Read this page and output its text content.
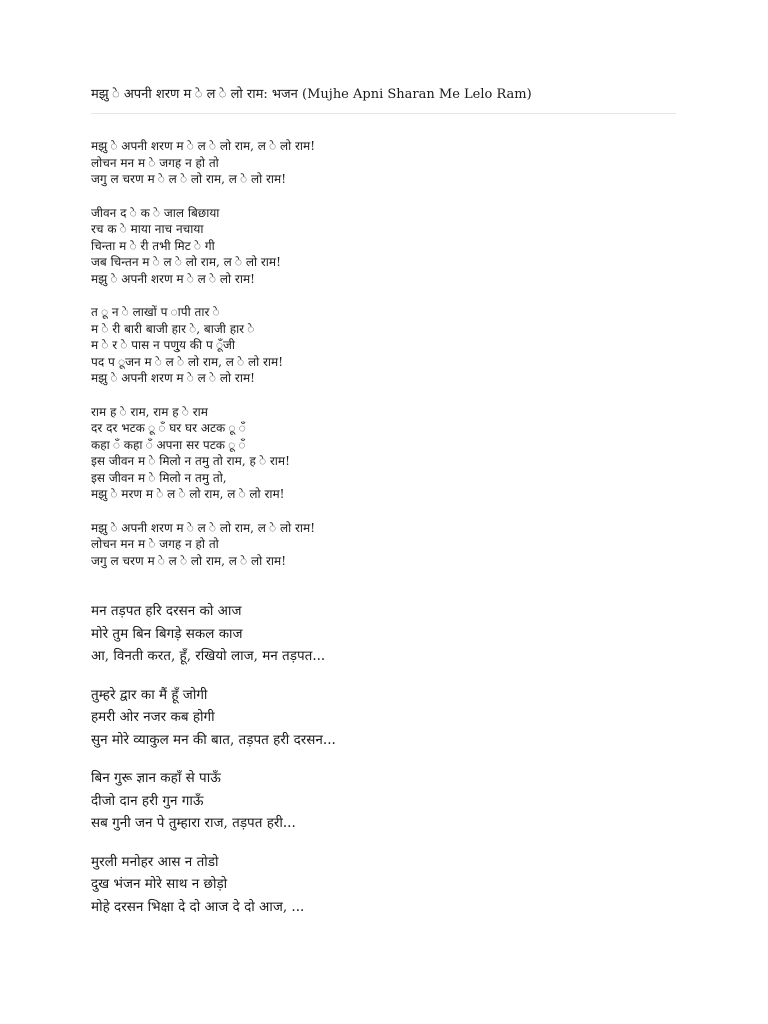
मझु े अपनी शरण म े ल े लो राम: भजन (Mujhe Apni Sharan Me Lelo Ram)
मझु े अपनी शरण म े ल े लो राम, ल े लो राम!
लोचन मन म े जगह न हो तो
जगु ल चरण म े ल े लो राम, ल े लो राम!
जीवन द े क े जाल बिछाया
रच क े माया नाच नचाया
चिन्ता म े री तभी मिट े गी
जब चिन्तन म े ल े लो राम, ल े लो राम!
मझु े अपनी शरण म े ल े लो राम!
त ू न े लाखों प ापी तार े
म े री बारी बाजी हार े, बाजी हार े
म े र े पास न पणु्य की प ूँजी
पद प ूजन म े ल े लो राम, ल े लो राम!
मझु े अपनी शरण म े ल े लो राम!
राम ह े राम, राम ह े राम
दर दर भटक ू ँ घर घर अटक ू ँ
कहा ँ कहा ँ अपना सर पटक ू ँ
इस जीवन म े मिलो न तमु तो राम, ह े राम!
इस जीवन म े मिलो न तमु तो,
मझु े मरण म े ल े लो राम, ल े लो राम!
मझु े अपनी शरण म े ल े लो राम, ल े लो राम!
लोचन मन म े जगह न हो तो
जगु ल चरण म े ल े लो राम, ल े लो राम!
मन तड़पत हरि दरसन को आज
मोरे तुम बिन बिगड़े सकल काज
आ, विनती करत, हूँ, रखियो लाज, मन तड़पत...
तुम्हरे द्वार का मैं हूँ जोगी
हमरी ओर नजर कब होगी
सुन मोरे व्याकुल मन की बात, तड़पत हरी दरसन...
बिन गुरू ज्ञान कहाँ से पाऊँ
दीजो दान हरी गुन गाऊँ
सब गुनी जन पे तुम्हारा राज, तड़पत हरी...
मुरली मनोहर आस न तोडो
दुख भंजन मोरे साथ न छोड़ो
मोहे दरसन भिक्षा दे दो आज दे दो आज, ...
